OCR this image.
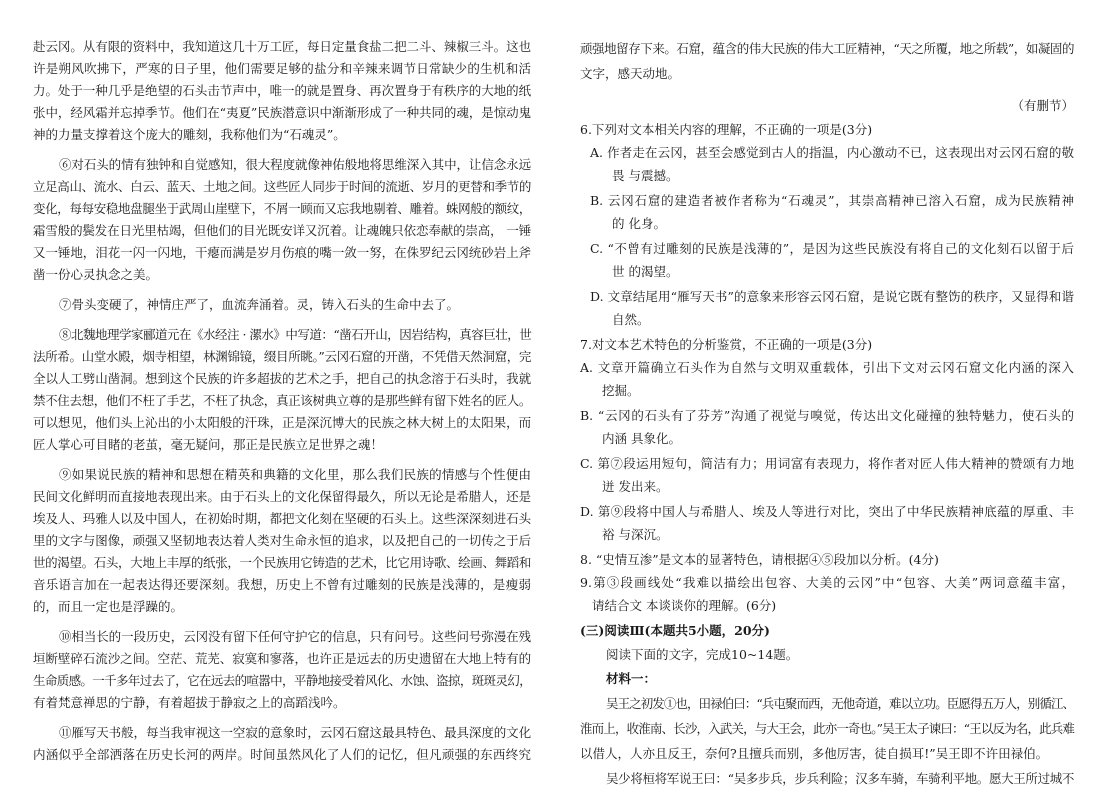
赴云冈。从有限的资料中，我知道这几十万工匠，每日定量食盐二把二斗、辣椒三斗。这也
许是朔风吹拂下，严寒的日子里，他们需要足够的盐分和辛辣来调节日常缺少的生机和活
力。处于一种几乎是绝望的石头击节声中，唯一的就是置身、再次置身于有秩序的大地的纸
张中，经风霜并忘掉季节。他们在“夷夏”民族潜意识中渐渐形成了一种共同的魂，是惊动鬼
神的力量支撑着这个庞大的雕刻，我称他们为“石魂灵”。
⑥对石头的情有独钟和自觉感知，很大程度就像神佑般地将思维深入其中，让信念永远
立足高山、流水、白云、蓝天、土地之间。这些匠人同步于时间的流逝、岁月的更替和季节的
变化，每每安稳地盘腿坐于武周山崖壁下，不屑一顾而又忘我地剔着、雕着。蛛网般的额纹，
霜雪般的鬓发在日光里枯竭，但他们的目光既安详又沉着。让魂魄只依恋奉献的崇高， 一锤
又一锤地，泪花一闪一闪地，干瘪而满是岁月伤痕的嘴一敛一努，在侏罗纪云冈统砂岩上斧
凿一份心灵执念之美。
⑦骨头变硬了，神情庄严了，血流奔涌着。灵，铸入石头的生命中去了。
⑧北魏地理学家郦道元在《水经注 · 漯水》中写道：“凿石开山，因岩结构，真容巨壮，世
法所希。山堂水殿，烟寺相望，林渊锦镜，缀目所眺。”云冈石窟的开凿，不凭借天然洞窟，完
全以人工劈山凿洞。想到这个民族的许多超拔的艺术之手，把自己的执念溶于石头时，我就
禁不住去想，他们不枉了手艺，不枉了执念，真正该树典立尊的是那些鲜有留下姓名的匠人。
可以想见，他们头上沁出的小太阳般的汗珠，正是深沉博大的民族之林大树上的太阳果，而
匠人掌心可目睹的老茧，毫无疑问，那正是民族立足世界之魂！
⑨如果说民族的精神和思想在精英和典籍的文化里，那么我们民族的情感与个性便由
民间文化鲜明而直接地表现出来。由于石头上的文化保留得最久，所以无论是希腊人，还是
埃及人、玛雅人以及中国人，在初始时期，都把文化刻在坚硬的石头上。这些深深刻进石头
里的文字与图像，顽强又坚韧地表达着人类对生命永恒的追求，以及把自己的一切传之于后
世的渴望。石头，大地上丰厚的纸张，一个民族用它铸造的艺术，比它用诗歌、绘画、舞蹈和
音乐语言加在一起表达得还要深刻。我想，历史上不曾有过雕刻的民族是浅薄的，是瘦弱
的，而且一定也是浮躁的。
⑩相当长的一段历史，云冈没有留下任何守护它的信息，只有问号。这些问号弥漫在残
垣断壁碎石流沙之间。空茫、荒芜、寂寞和寥落，也许正是远去的历史遗留在大地上特有的
生命质感。一千多年过去了，它在远去的喧嚣中，平静地接受着风化、水蚀、盗掠，斑斑灵幻，
有着梵意禅思的宁静，有着超拔于静寂之上的高蹈浅吟。
⑪雁写天书般，每当我审视这一空寂的意象时，云冈石窟这最具特色、最具深度的文化
内涵似乎全部洒落在历史长河的两岸。时间虽然风化了人们的记忆，但凡顽强的东西终究
顽强地留存下来。石窟，蕴含的伟大民族的伟大工匠精神，“天之所覆，地之所载”，如凝固的
文字，感天动地。
（有删节）
6.下列对文本相关内容的理解，不正确的一项是(3分)
A. 作者走在云冈，甚至会感觉到古人的指温，内心激动不已，这表现出对云冈石窟的敬
畏 与震撼。
B. 云冈石窟的建造者被作者称为“石魂灵”，其崇高精神已溶入石窟，成为民族精神
的 化身。
C. “不曾有过雕刻的民族是浅薄的”，是因为这些民族没有将自己的文化刻石以留于后
世 的渴望。
D. 文章结尾用“雁写天书”的意象来形容云冈石窟，是说它既有整饬的秩序，又显得和谐
自然。
7.对文本艺术特色的分析鉴赏，不正确的一项是(3分)
A. 文章开篇确立石头作为自然与文明双重载体，引出下文对云冈石窟文化内涵的深入
挖掘。
B. “云冈的石头有了芬芳”沟通了视觉与嗅觉，传达出文化碰撞的独特魅力，使石头的
内涵 具象化。
C. 第⑦段运用短句，简洁有力；用词富有表现力，将作者对匠人伟大精神的赞颂有力地
迸 发出来。
D. 第⑨段将中国人与希腊人、埃及人等进行对比，突出了中华民族精神底蕴的厚重、丰
裕 与深沉。
8. “史情互渗”是文本的显著特色，请根据④⑤段加以分析。(4分)
9.第③段画线处“我难以描绘出包容、大美的云冈”中“包容、大美”两词意蕴丰富，
请结合文 本谈谈你的理解。(6分)
(三)阅读Ⅲ(本题共5小题，20分)
阅读下面的文字，完成10~14题。
材料一：
吴王之初发①也，田禄伯曰：“兵屯聚而西，无他奇道，难以立功。臣愿得五万人，别循江、
淮而上，收淮南、长沙，入武关，与大王会，此亦一奇也。”吴王太子谏曰：“王以反为名，此兵难
以借人，人亦且反王，奈何?且擅兵而别，多他厉害，徒自损耳!”吴王即不许田禄伯。
吴少将桓将军说王曰：“吴多步兵，步兵利险；汉多车骑，车骑利平地。愿大王所过城不
